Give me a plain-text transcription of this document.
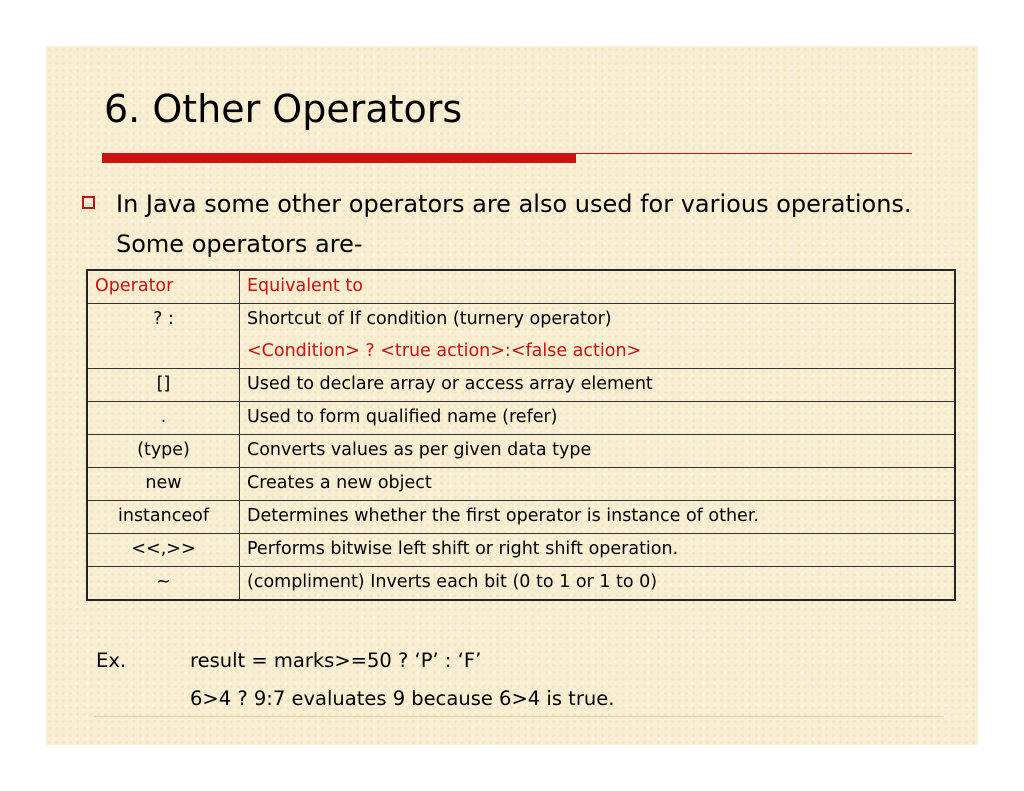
6. Other Operators
In Java some other operators are also used for various operations. Some operators are-
Operator	Equivalent to
? :	Shortcut of If condition (turnery operator)
<Condition> ? <true action>:<false action>

[]	Used to declare array or access array element
.	Used to form qualified name (refer)
(type)	Converts values as per given data type
new	Creates a new object
instanceof	Determines whether the first operator is instance of other.
<<,>>	Performs bitwise left shift or right shift operation.
~	(compliment) Inverts each bit (0 to 1 or 1 to 0)
Ex.	result = marks>=50 ? ‘P’ : ‘F’
6>4 ? 9:7 evaluates 9 because 6>4 is true.
